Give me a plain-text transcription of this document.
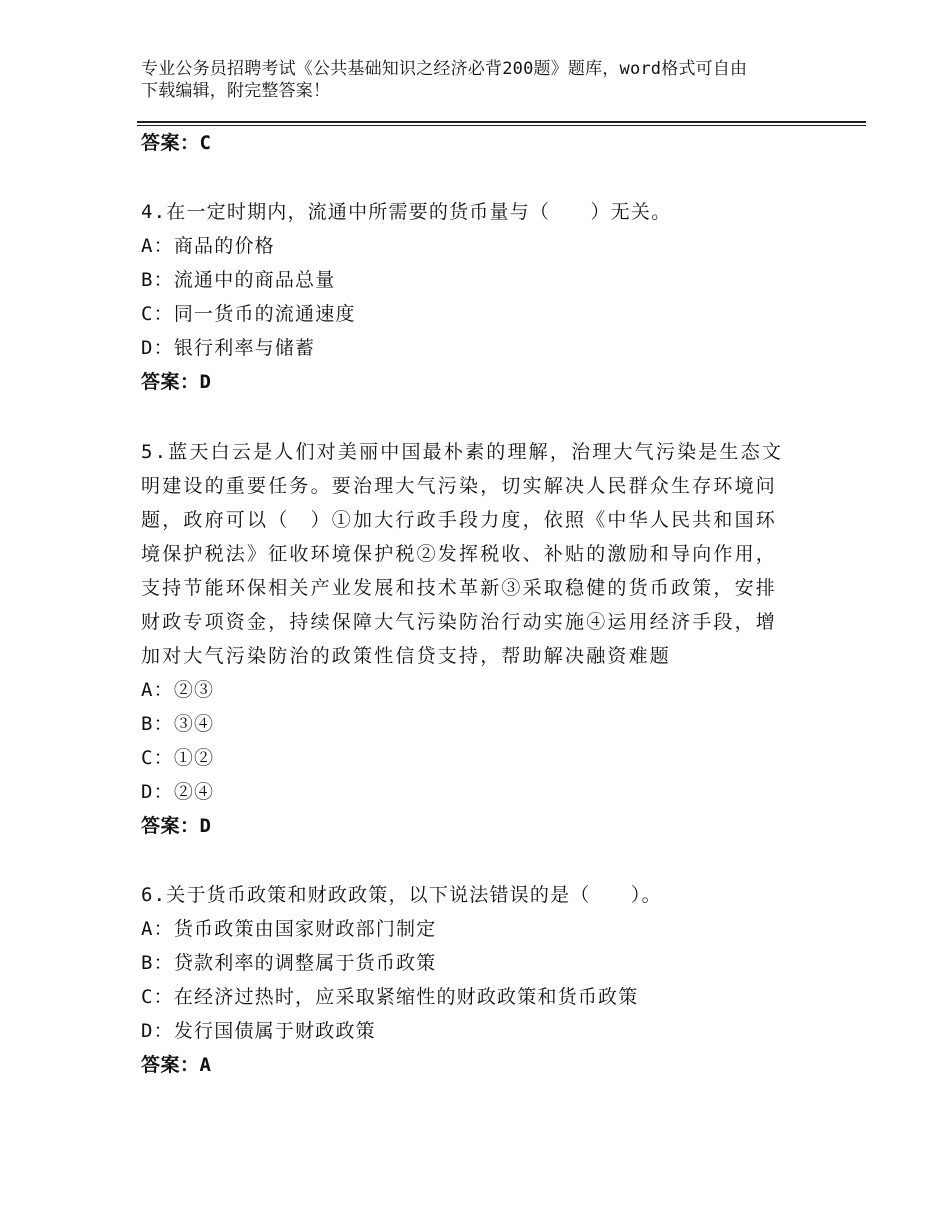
专业公务员招聘考试《公共基础知识之经济必背200题》题库，word格式可自由
下载编辑，附完整答案！
答案：C
4.在一定时期内，流通中所需要的货币量与（　　）无关。
A：商品的价格
B：流通中的商品总量
C：同一货币的流通速度
D：银行利率与储蓄
答案：D
5.蓝天白云是人们对美丽中国最朴素的理解，治理大气污染是生态文
明建设的重要任务。要治理大气污染，切实解决人民群众生存环境问
题，政府可以（　）①加大行政手段力度，依照《中华人民共和国环
境保护税法》征收环境保护税②发挥税收、补贴的激励和导向作用，
支持节能环保相关产业发展和技术革新③采取稳健的货币政策，安排
财政专项资金，持续保障大气污染防治行动实施④运用经济手段，增
加对大气污染防治的政策性信贷支持，帮助解决融资难题
A：②③
B：③④
C：①②
D：②④
答案：D
6.关于货币政策和财政政策，以下说法错误的是（　　）。
A：货币政策由国家财政部门制定
B：贷款利率的调整属于货币政策
C：在经济过热时，应采取紧缩性的财政政策和货币政策
D：发行国债属于财政政策
答案：A
